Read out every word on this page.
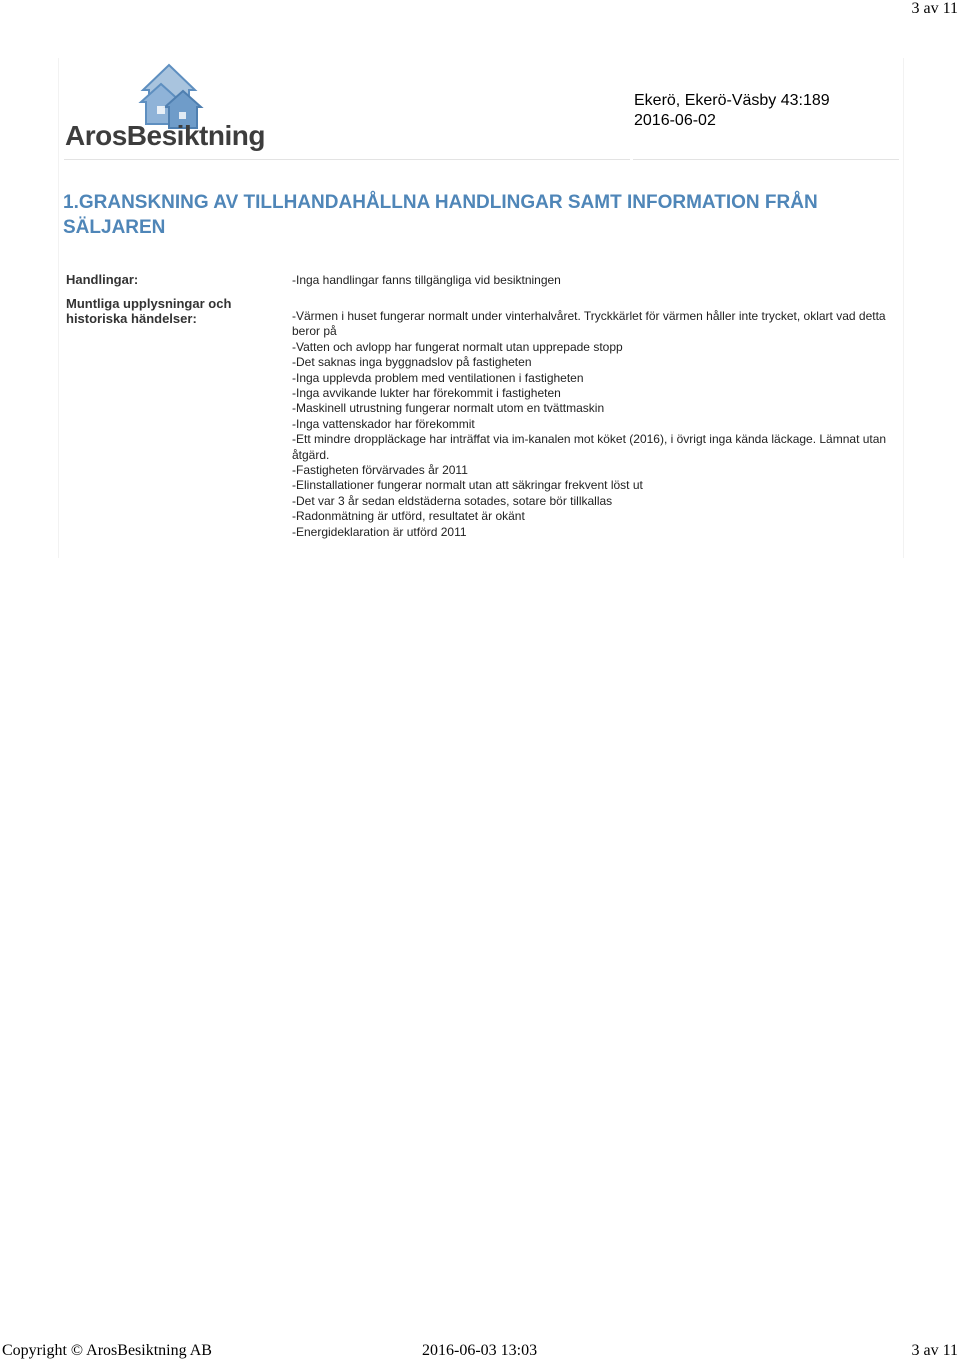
3 av 11
ArosBesiktning
Ekerö, Ekerö-Väsby 43:189
2016-06-02
1.GRANSKNING AV TILLHANDAHÅLLNA HANDLINGAR SAMT INFORMATION FRÅN SÄLJAREN
Handlingar:	-Inga handlingar fanns tillgängliga vid besiktningen
Muntliga upplysningar och historiska händelser:	-Värmen i huset fungerar normalt under vinterhalvåret. Tryckkärlet för värmen håller inte trycket, oklart vad detta beror på
-Vatten och avlopp har fungerat normalt utan upprepade stopp
-Det saknas inga byggnadslov på fastigheten
-Inga upplevda problem med ventilationen i fastigheten
-Inga avvikande lukter har förekommit i fastigheten
-Maskinell utrustning fungerar normalt utom en tvättmaskin
-Inga vattenskador har förekommit
-Ett mindre droppläckage har inträffat via im-kanalen mot köket (2016), i övrigt inga kända läckage. Lämnat utan åtgärd.
-Fastigheten förvärvades år 2011
-Elinstallationer fungerar normalt utan att säkringar frekvent löst ut
-Det var 3 år sedan eldstäderna sotades, sotare bör tillkallas
-Radonmätning är utförd, resultatet är okänt
-Energideklaration är utförd 2011
Copyright © ArosBesiktning AB	2016-06-03 13:03	3 av 11
